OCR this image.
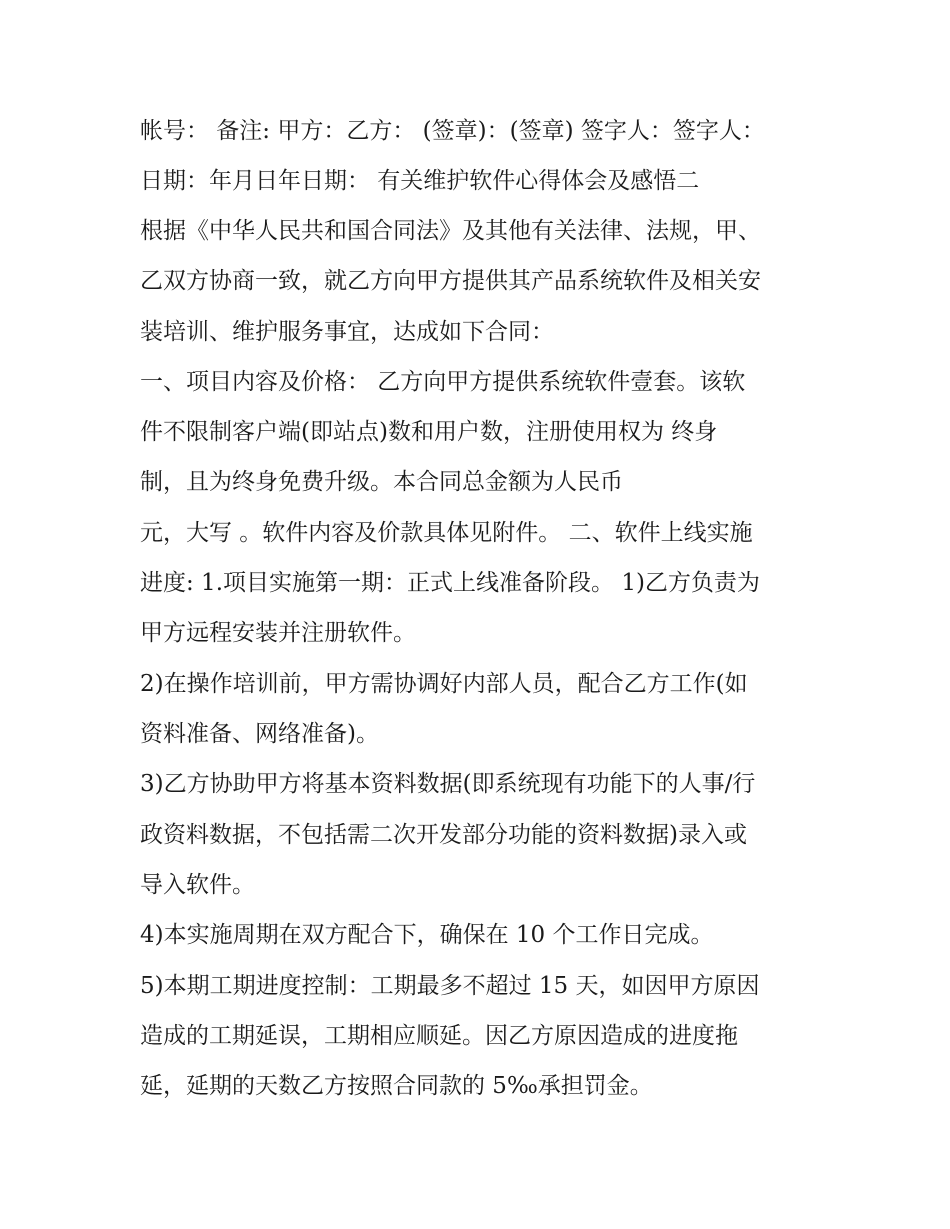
帐号： 备注: 甲方：乙方： (签章)：(签章) 签字人：签字人：
日期：年月日年日期： 有关维护软件心得体会及感悟二
根据《中华人民共和国合同法》及其他有关法律、法规，甲、
乙双方协商一致，就乙方向甲方提供其产品系统软件及相关安
装培训、维护服务事宜，达成如下合同：
一、项目内容及价格： 乙方向甲方提供系统软件壹套。该软
件不限制客户端(即站点)数和用户数，注册使用权为 终身
制，且为终身免费升级。本合同总金额为人民币
元，大写 。软件内容及价款具体见附件。 二、软件上线实施
进度: 1.项目实施第一期：正式上线准备阶段。 1)乙方负责为
甲方远程安装并注册软件。
2)在操作培训前，甲方需协调好内部人员，配合乙方工作(如
资料准备、网络准备)。
3)乙方协助甲方将基本资料数据(即系统现有功能下的人事/行
政资料数据，不包括需二次开发部分功能的资料数据)录入或
导入软件。
4)本实施周期在双方配合下，确保在 10 个工作日完成。
5)本期工期进度控制：工期最多不超过 15 天，如因甲方原因
造成的工期延误，工期相应顺延。因乙方原因造成的进度拖
延，延期的天数乙方按照合同款的 5‰承担罚金。
